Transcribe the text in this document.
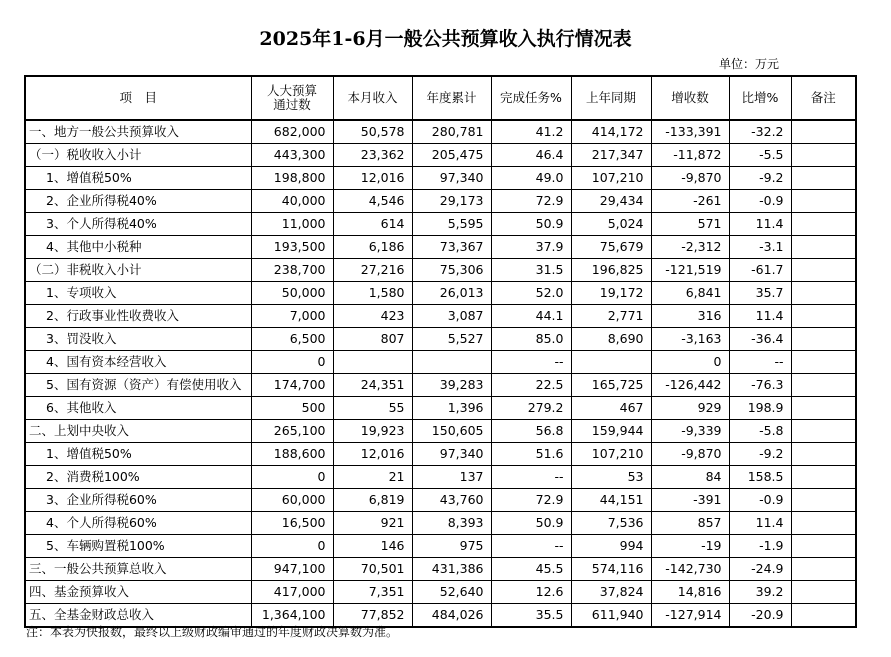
2025年1-6月一般公共预算收入执行情况表
单位：万元
项　目	人大预算
通过数	本月收入	年度累计	完成任务%	上年同期	增收数	比增%	备注
一、地方一般公共预算收入	682,000	50,578	280,781	41.2	414,172	-133,391	-32.2	
（一）税收收入小计	443,300	23,362	205,475	46.4	217,347	-11,872	-5.5	
1、增值税50%	198,800	12,016	97,340	49.0	107,210	-9,870	-9.2	
2、企业所得税40%	40,000	4,546	29,173	72.9	29,434	-261	-0.9	
3、个人所得税40%	11,000	614	5,595	50.9	5,024	571	11.4	
4、其他中小税种	193,500	6,186	73,367	37.9	75,679	-2,312	-3.1	
（二）非税收入小计	238,700	27,216	75,306	31.5	196,825	-121,519	-61.7	
1、专项收入	50,000	1,580	26,013	52.0	19,172	6,841	35.7	
2、行政事业性收费收入	7,000	423	3,087	44.1	2,771	316	11.4	
3、罚没收入	6,500	807	5,527	85.0	8,690	-3,163	-36.4	
4、国有资本经营收入	0			--		0	--	
5、国有资源（资产）有偿使用收入	174,700	24,351	39,283	22.5	165,725	-126,442	-76.3	
6、其他收入	500	55	1,396	279.2	467	929	198.9	
二、上划中央收入	265,100	19,923	150,605	56.8	159,944	-9,339	-5.8	
1、增值税50%	188,600	12,016	97,340	51.6	107,210	-9,870	-9.2	
2、消费税100%	0	21	137	--	53	84	158.5	
3、企业所得税60%	60,000	6,819	43,760	72.9	44,151	-391	-0.9	
4、个人所得税60%	16,500	921	8,393	50.9	7,536	857	11.4	
5、车辆购置税100%	0	146	975	--	994	-19	-1.9	
三、一般公共预算总收入	947,100	70,501	431,386	45.5	574,116	-142,730	-24.9	
四、基金预算收入	417,000	7,351	52,640	12.6	37,824	14,816	39.2	
五、全基金财政总收入	1,364,100	77,852	484,026	35.5	611,940	-127,914	-20.9	
注：本表为快报数，最终以上级财政编审通过的年度财政决算数为准。
